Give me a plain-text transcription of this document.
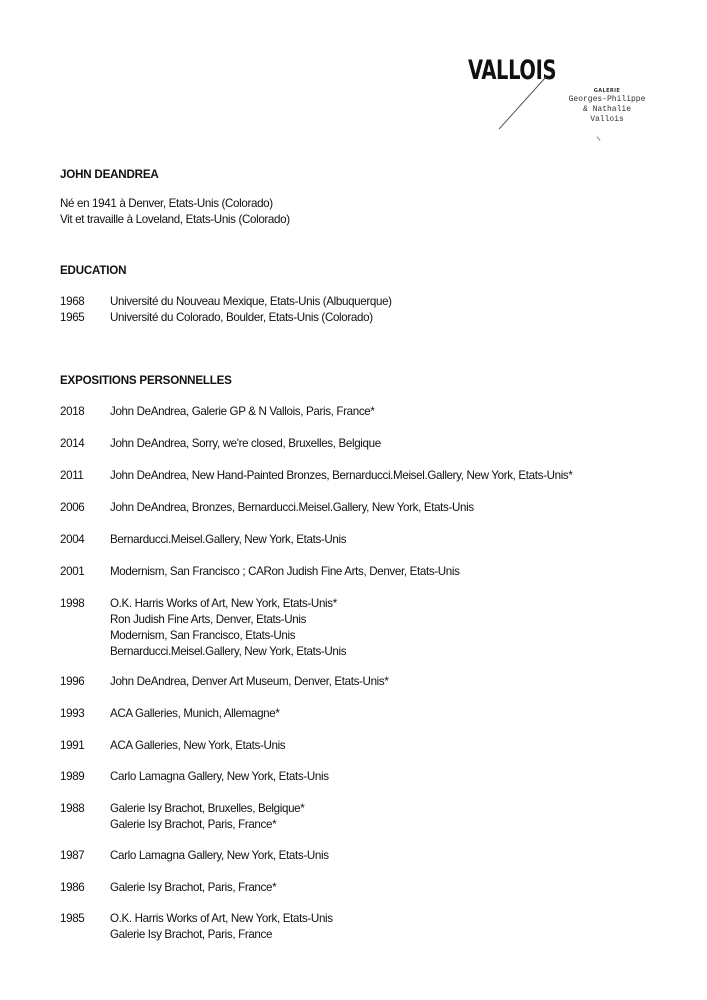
VALLOIS
GALERIE
Georges-Philippe
& Nathalie
Vallois
JOHN DEANDREA
Né en 1941 à Denver, Etats-Unis (Colorado)
Vit et travaille à Loveland, Etats-Unis (Colorado)
EDUCATION
1968	Université du Nouveau Mexique, Etats-Unis (Albuquerque)
1965	Université du Colorado, Boulder, Etats-Unis (Colorado)
EXPOSITIONS PERSONNELLES
2018	John DeAndrea, Galerie GP & N Vallois, Paris, France*
2014	John DeAndrea, Sorry, we're closed, Bruxelles, Belgique
2011	John DeAndrea, New Hand-Painted Bronzes, Bernarducci.Meisel.Gallery, New York, Etats-Unis*
2006	John DeAndrea, Bronzes, Bernarducci.Meisel.Gallery, New York, Etats-Unis
2004	Bernarducci.Meisel.Gallery, New York, Etats-Unis
2001	Modernism, San Francisco ; CARon Judish Fine Arts, Denver, Etats-Unis
1998	O.K. Harris Works of Art, New York, Etats-Unis*
Ron Judish Fine Arts, Denver, Etats-Unis
Modernism, San Francisco, Etats-Unis
Bernarducci.Meisel.Gallery, New York, Etats-Unis
1996	John DeAndrea, Denver Art Museum, Denver, Etats-Unis*
1993	ACA Galleries, Munich, Allemagne*
1991	ACA Galleries, New York, Etats-Unis
1989	Carlo Lamagna Gallery, New York, Etats-Unis
1988	Galerie Isy Brachot, Bruxelles, Belgique*
Galerie Isy Brachot, Paris, France*
1987	Carlo Lamagna Gallery, New York, Etats-Unis
1986	Galerie Isy Brachot, Paris, France*
1985	O.K. Harris Works of Art, New York, Etats-Unis
Galerie Isy Brachot, Paris, France
